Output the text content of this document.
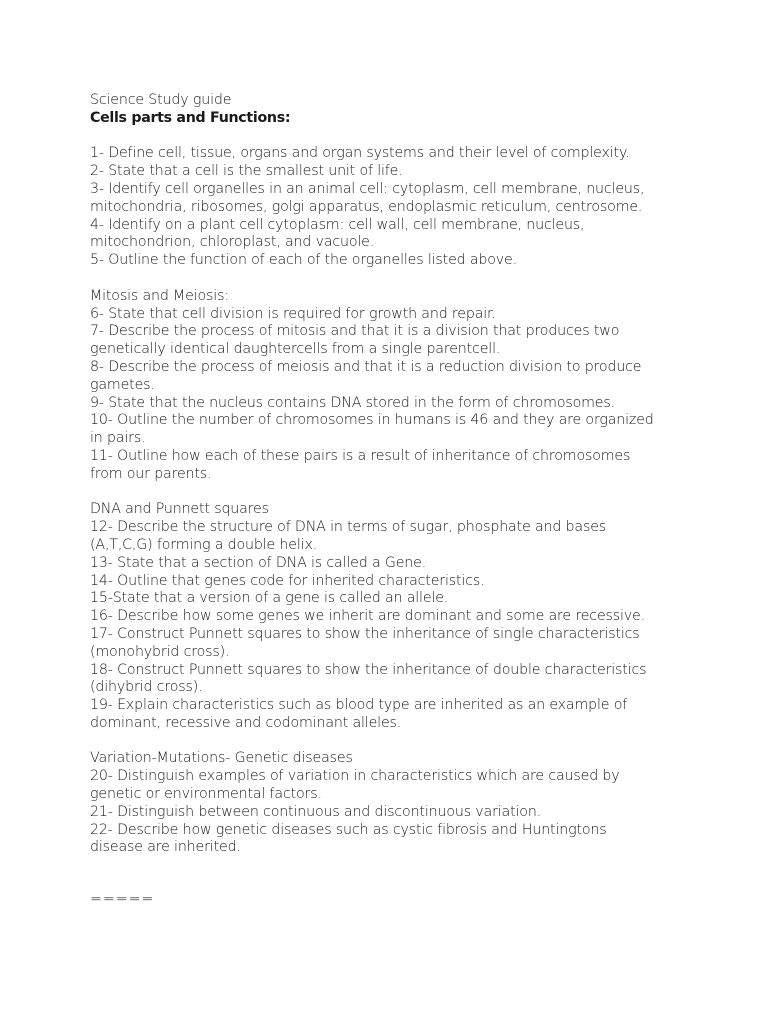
Science Study guide
Cells parts and Functions:
1- Define cell, tissue, organs and organ systems and their level of complexity.
2- State that a cell is the smallest unit of life.
3- Identify cell organelles in an animal cell: cytoplasm, cell membrane, nucleus,
mitochondria, ribosomes, golgi apparatus, endoplasmic reticulum, centrosome.
4- Identify on a plant cell cytoplasm: cell wall, cell membrane, nucleus,
mitochondrion, chloroplast, and vacuole.
5- Outline the function of each of the organelles listed above.
Mitosis and Meiosis:
6- State that cell division is required for growth and repair.
7- Describe the process of mitosis and that it is a division that produces two
genetically identical daughtercells from a single parentcell.
8- Describe the process of meiosis and that it is a reduction division to produce
gametes.
9- State that the nucleus contains DNA stored in the form of chromosomes.
10- Outline the number of chromosomes in humans is 46 and they are organized
in pairs.
11- Outline how each of these pairs is a result of inheritance of chromosomes
from our parents.
DNA and Punnett squares
12- Describe the structure of DNA in terms of sugar, phosphate and bases
(A,T,C,G) forming a double helix.
13- State that a section of DNA is called a Gene.
14- Outline that genes code for inherited characteristics.
15-State that a version of a gene is called an allele.
16- Describe how some genes we inherit are dominant and some are recessive.
17- Construct Punnett squares to show the inheritance of single characteristics
(monohybrid cross).
18- Construct Punnett squares to show the inheritance of double characteristics
(dihybrid cross).
19- Explain characteristics such as blood type are inherited as an example of
dominant, recessive and codominant alleles.
Variation-Mutations- Genetic diseases
20- Distinguish examples of variation in characteristics which are caused by
genetic or environmental factors.
21- Distinguish between continuous and discontinuous variation.
22- Describe how genetic diseases such as cystic fibrosis and Huntingtons
disease are inherited.
=====
